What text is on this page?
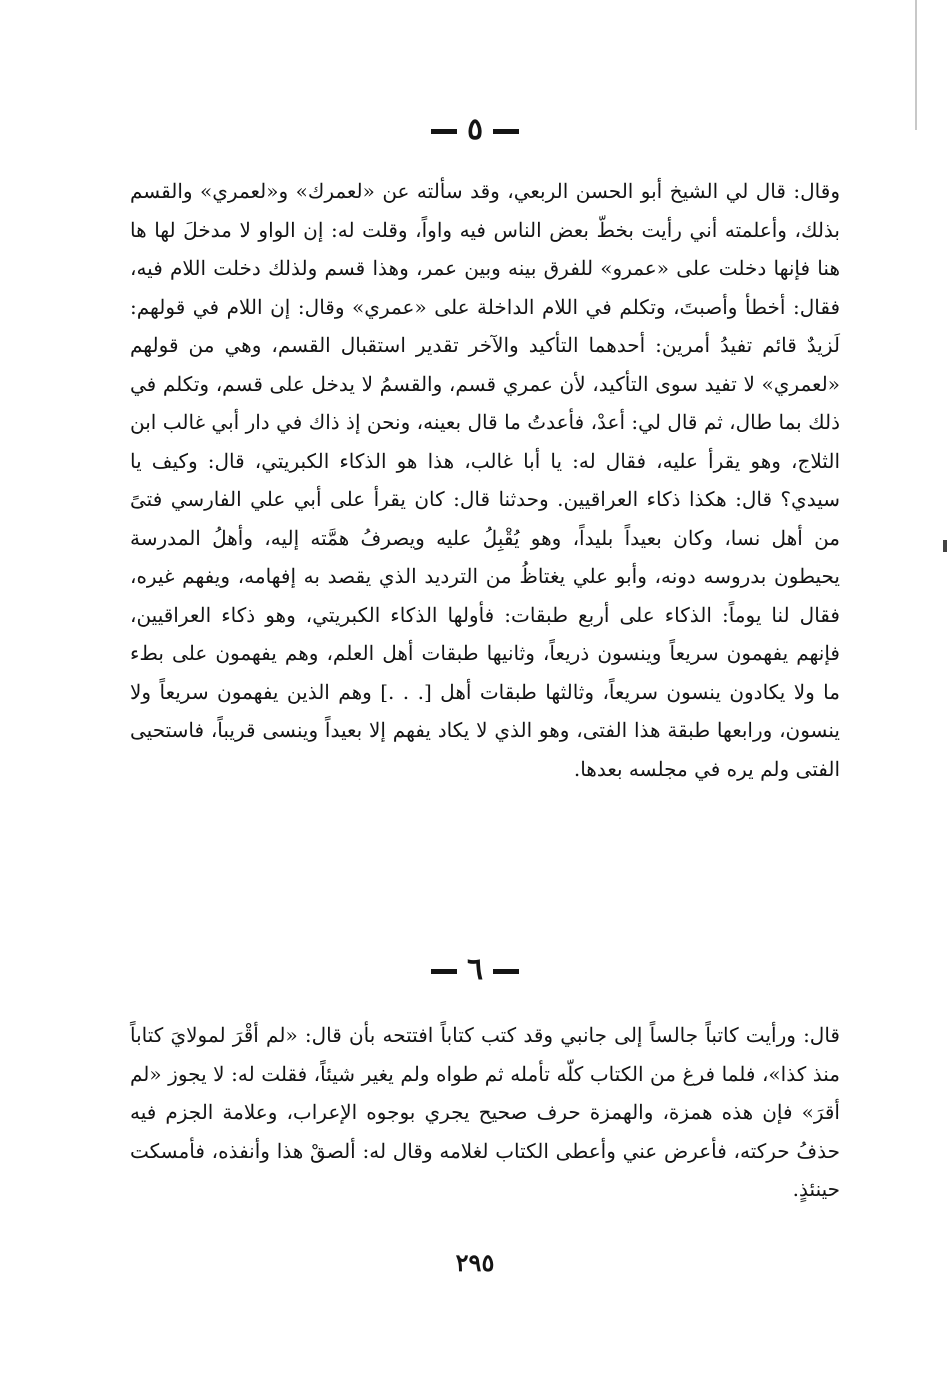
٥

وقال: قال لي الشيخ أبو الحسن الربعي، وقد سألته عن «لعمرك» و«لعمري» والقسم بذلك، وأعلمته أني رأيت بخطّ بعض الناس فيه واواً، وقلت له: إن الواو لا مدخلَ لها ها هنا فإنها دخلت على «عمرو» للفرق بينه وبين عمر، وهذا قسم ولذلك دخلت اللام فيه، فقال: أخطأ وأصبتَ، وتكلم في اللام الداخلة على «عمري» وقال: إن اللام في قولهم: لَزيدٌ قائم تفيدُ أمرين: أحدهما التأكيد والآخر تقدير استقبال القسم، وهي من قولهم «لعمري» لا تفيد سوى التأكيد، لأن عمري قسم، والقسمُ لا يدخل على قسم، وتكلم في ذلك بما طال، ثم قال لي: أعدْ، فأعدتُ ما قال بعينه، ونحن إذ ذاك في دار أبي غالب ابن الثلاج، وهو يقرأ عليه، فقال له: يا أبا غالب، هذا هو الذكاء الكبريتي، قال: وكيف يا سيدي؟ قال: هكذا ذكاء العراقيين. وحدثنا قال: كان يقرأ على أبي علي الفارسي فتىً من أهل نسا، وكان بعيداً بليداً، وهو يُقْبِلُ عليه ويصرفُ همَّته إليه، وأهلُ المدرسة يحيطون بدروسه دونه، وأبو علي يغتاظُ من الترديد الذي يقصد به إفهامه، ويفهم غيره، فقال لنا يوماً: الذكاء على أربع طبقات: فأولها الذكاء الكبريتي، وهو ذكاء العراقيين، فإنهم يفهمون سريعاً وينسون ذريعاً، وثانيها طبقات أهل العلم، وهم يفهمون على بطء ما ولا يكادون ينسون سريعاً، وثالثها طبقات أهل [. . .] وهم الذين يفهمون سريعاً ولا ينسون، ورابعها طبقة هذا الفتى، وهو الذي لا يكاد يفهم إلا بعيداً وينسى قريباً، فاستحيى الفتى ولم يره في مجلسه بعدها.

٦

قال: ورأيت كاتباً جالساً إلى جانبي وقد كتب كتاباً افتتحه بأن قال: «لم أقْرَ لمولايَ كتاباً منذ كذا»، فلما فرغ من الكتاب كلّه تأمله ثم طواه ولم يغير شيئاً، فقلت له: لا يجوز «لم أقرَ» فإن هذه همزة، والهمزة حرف صحيح يجري بوجوه الإعراب، وعلامة الجزم فيه حذفُ حركته، فأعرض عني وأعطى الكتاب لغلامه وقال له: ألصقْ هذا وأنفذه، فأمسكت حينئذٍ.

٢٩٥
